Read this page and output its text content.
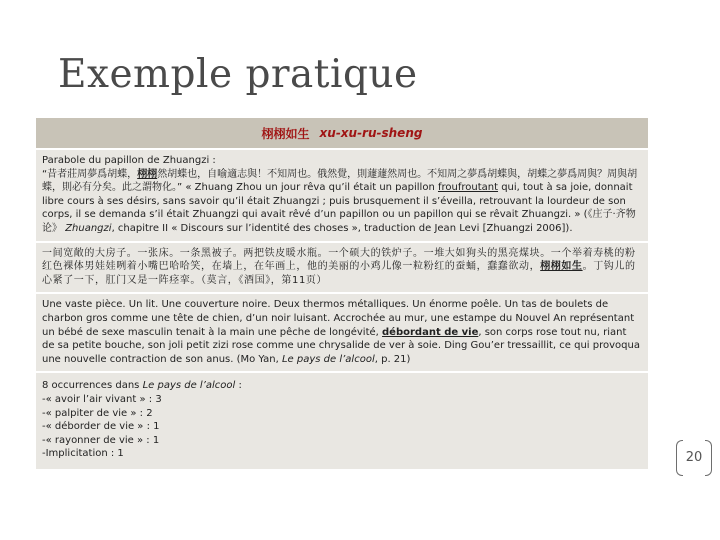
Exemple pratique
栩栩如生 xu-xu-ru-sheng

Parabole du papillon de Zhuangzi :

“昔者莊周夢爲胡蝶，栩栩然胡蝶也，自喻適志與！不知周也。俄然覺，則蘧蘧然周也。不知周之夢爲胡蝶與，胡蝶之夢爲周與？周與胡蝶，則必有分矣。此之謂物化。” « Zhuang Zhou un jour rêva qu’il était un papillon froufroutant qui, tout à sa joie, donnait libre cours à ses désirs, sans savoir qu’il était Zhuangzi ; puis brusquement il s’éveilla, retrouvant la lourdeur de son corps, il se demanda s’il était Zhuangzi qui avait rêvé d’un papillon ou un papillon qui se rêvait Zhuangzi. » (《庄子·齐物论》 Zhuangzi, chapitre II « Discours sur l’identité des choses », traduction de Jean Levi [Zhuangzi 2006]).

一间宽敞的大房子。一张床。一条黑被子。两把铁皮暖水瓶。一个硕大的铁炉子。一堆大如狗头的黑亮煤块。一个举着寿桃的粉红色裸体男娃娃咧着小嘴巴哈哈笑，在墙上，在年画上，他的美丽的小鸡儿像一粒粉红的蚕蛹，蠢蠢欲动，栩栩如生。丁钩儿的心紧了一下，肛门又是一阵痉挛。（莫言，《酒国》，第11页）

Une vaste pièce. Un lit. Une couverture noire. Deux thermos métalliques. Un énorme poêle. Un tas de boulets de charbon gros comme une tête de chien, d’un noir luisant. Accrochée au mur, une estampe du Nouvel An représentant un bébé de sexe masculin tenait à la main une pêche de longévité, débordant de vie, son corps rose tout nu, riant de sa petite bouche, son joli petit zizi rose comme une chrysalide de ver à soie. Ding Gou’er tressaillit, ce qui provoqua une nouvelle contraction de son anus. (Mo Yan, Le pays de l’alcool, p. 21)

8 occurrences dans Le pays de l’alcool :

-« avoir l’air vivant » : 3

-« palpiter de vie » : 2

-« déborder de vie » : 1

-« rayonner de vie » : 1

-Implicitation : 1	20
